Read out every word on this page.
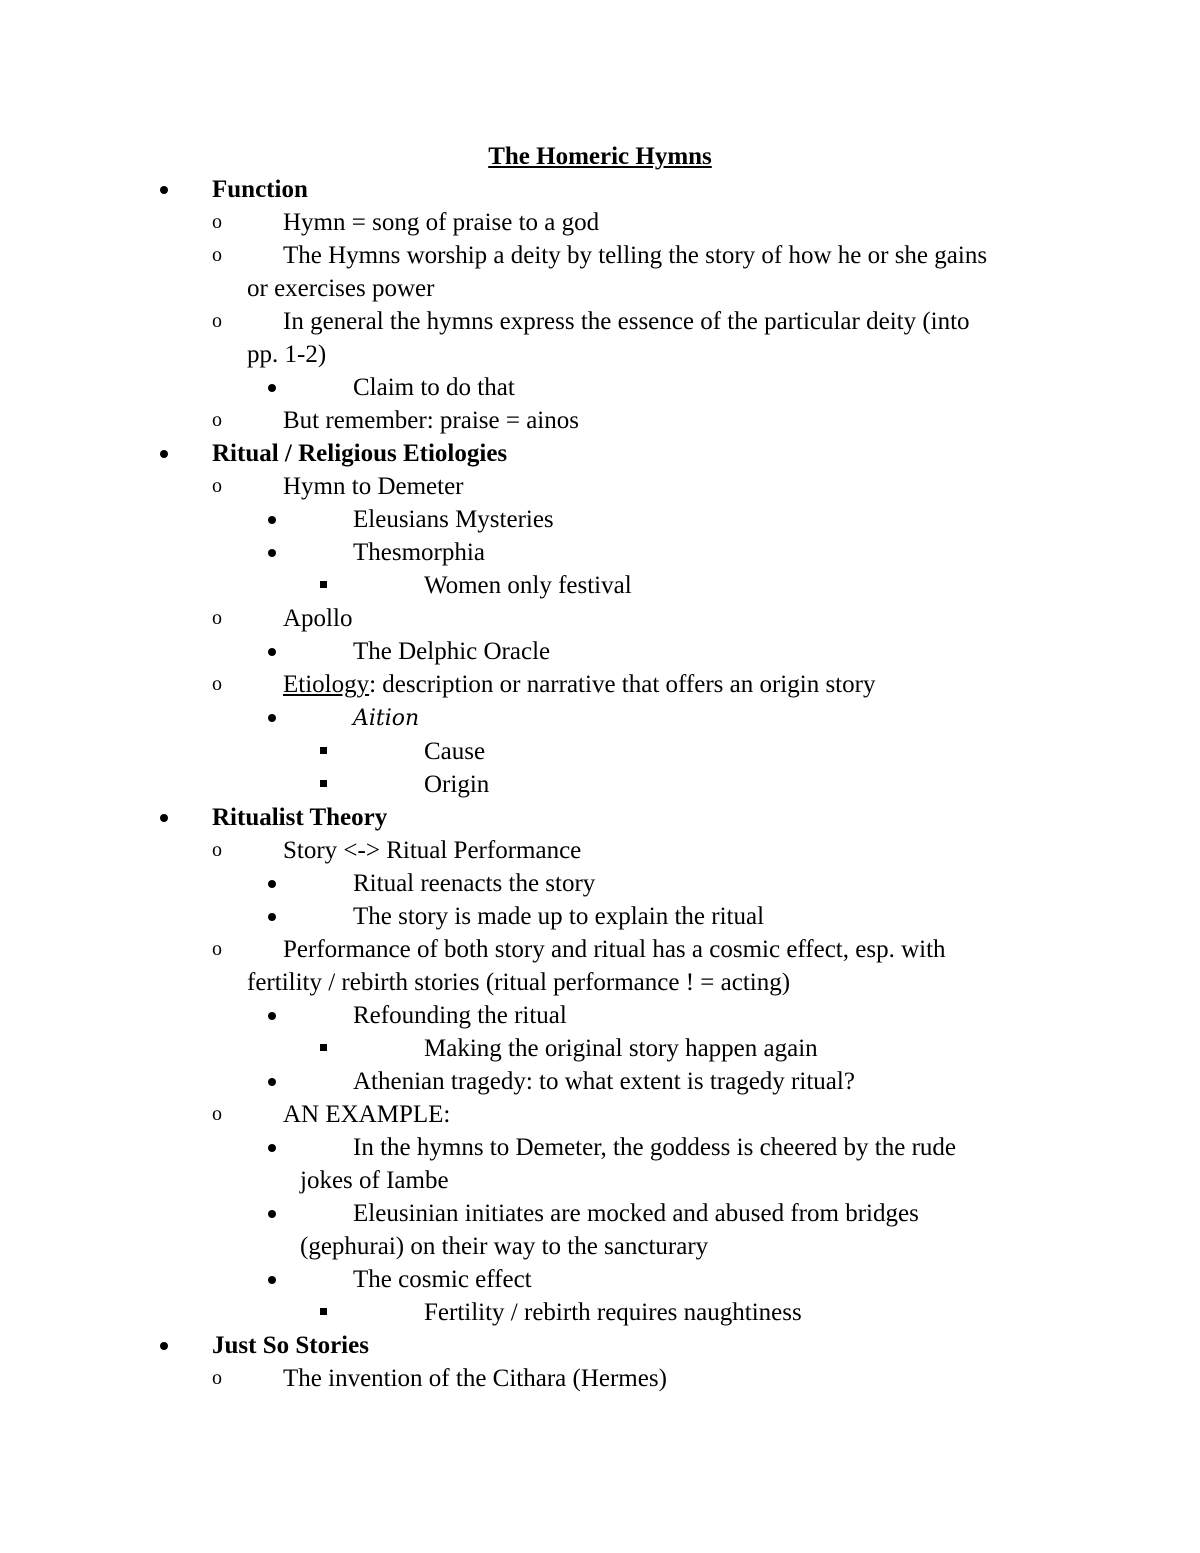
The Homeric Hymns
Function
o Hymn = song of praise to a god
o The Hymns worship a deity by telling the story of how he or she gains
or exercises power
o In general the hymns express the essence of the particular deity (into
pp. 1-2)
Claim to do that
o But remember: praise = ainos
Ritual / Religious Etiologies
o Hymn to Demeter
Eleusians Mysteries
Thesmorphia
Women only festival
o Apollo
The Delphic Oracle
o Etiology: description or narrative that offers an origin story
Aition
Cause
Origin
Ritualist Theory
o Story <-> Ritual Performance
Ritual reenacts the story
The story is made up to explain the ritual
o Performance of both story and ritual has a cosmic effect, esp. with
fertility / rebirth stories (ritual performance ! = acting)
Refounding the ritual
Making the original story happen again
Athenian tragedy: to what extent is tragedy ritual?
o AN EXAMPLE:
In the hymns to Demeter, the goddess is cheered by the rude
jokes of Iambe
Eleusinian initiates are mocked and abused from bridges
(gephurai) on their way to the sancturary
The cosmic effect
Fertility / rebirth requires naughtiness
Just So Stories
o The invention of the Cithara (Hermes)
